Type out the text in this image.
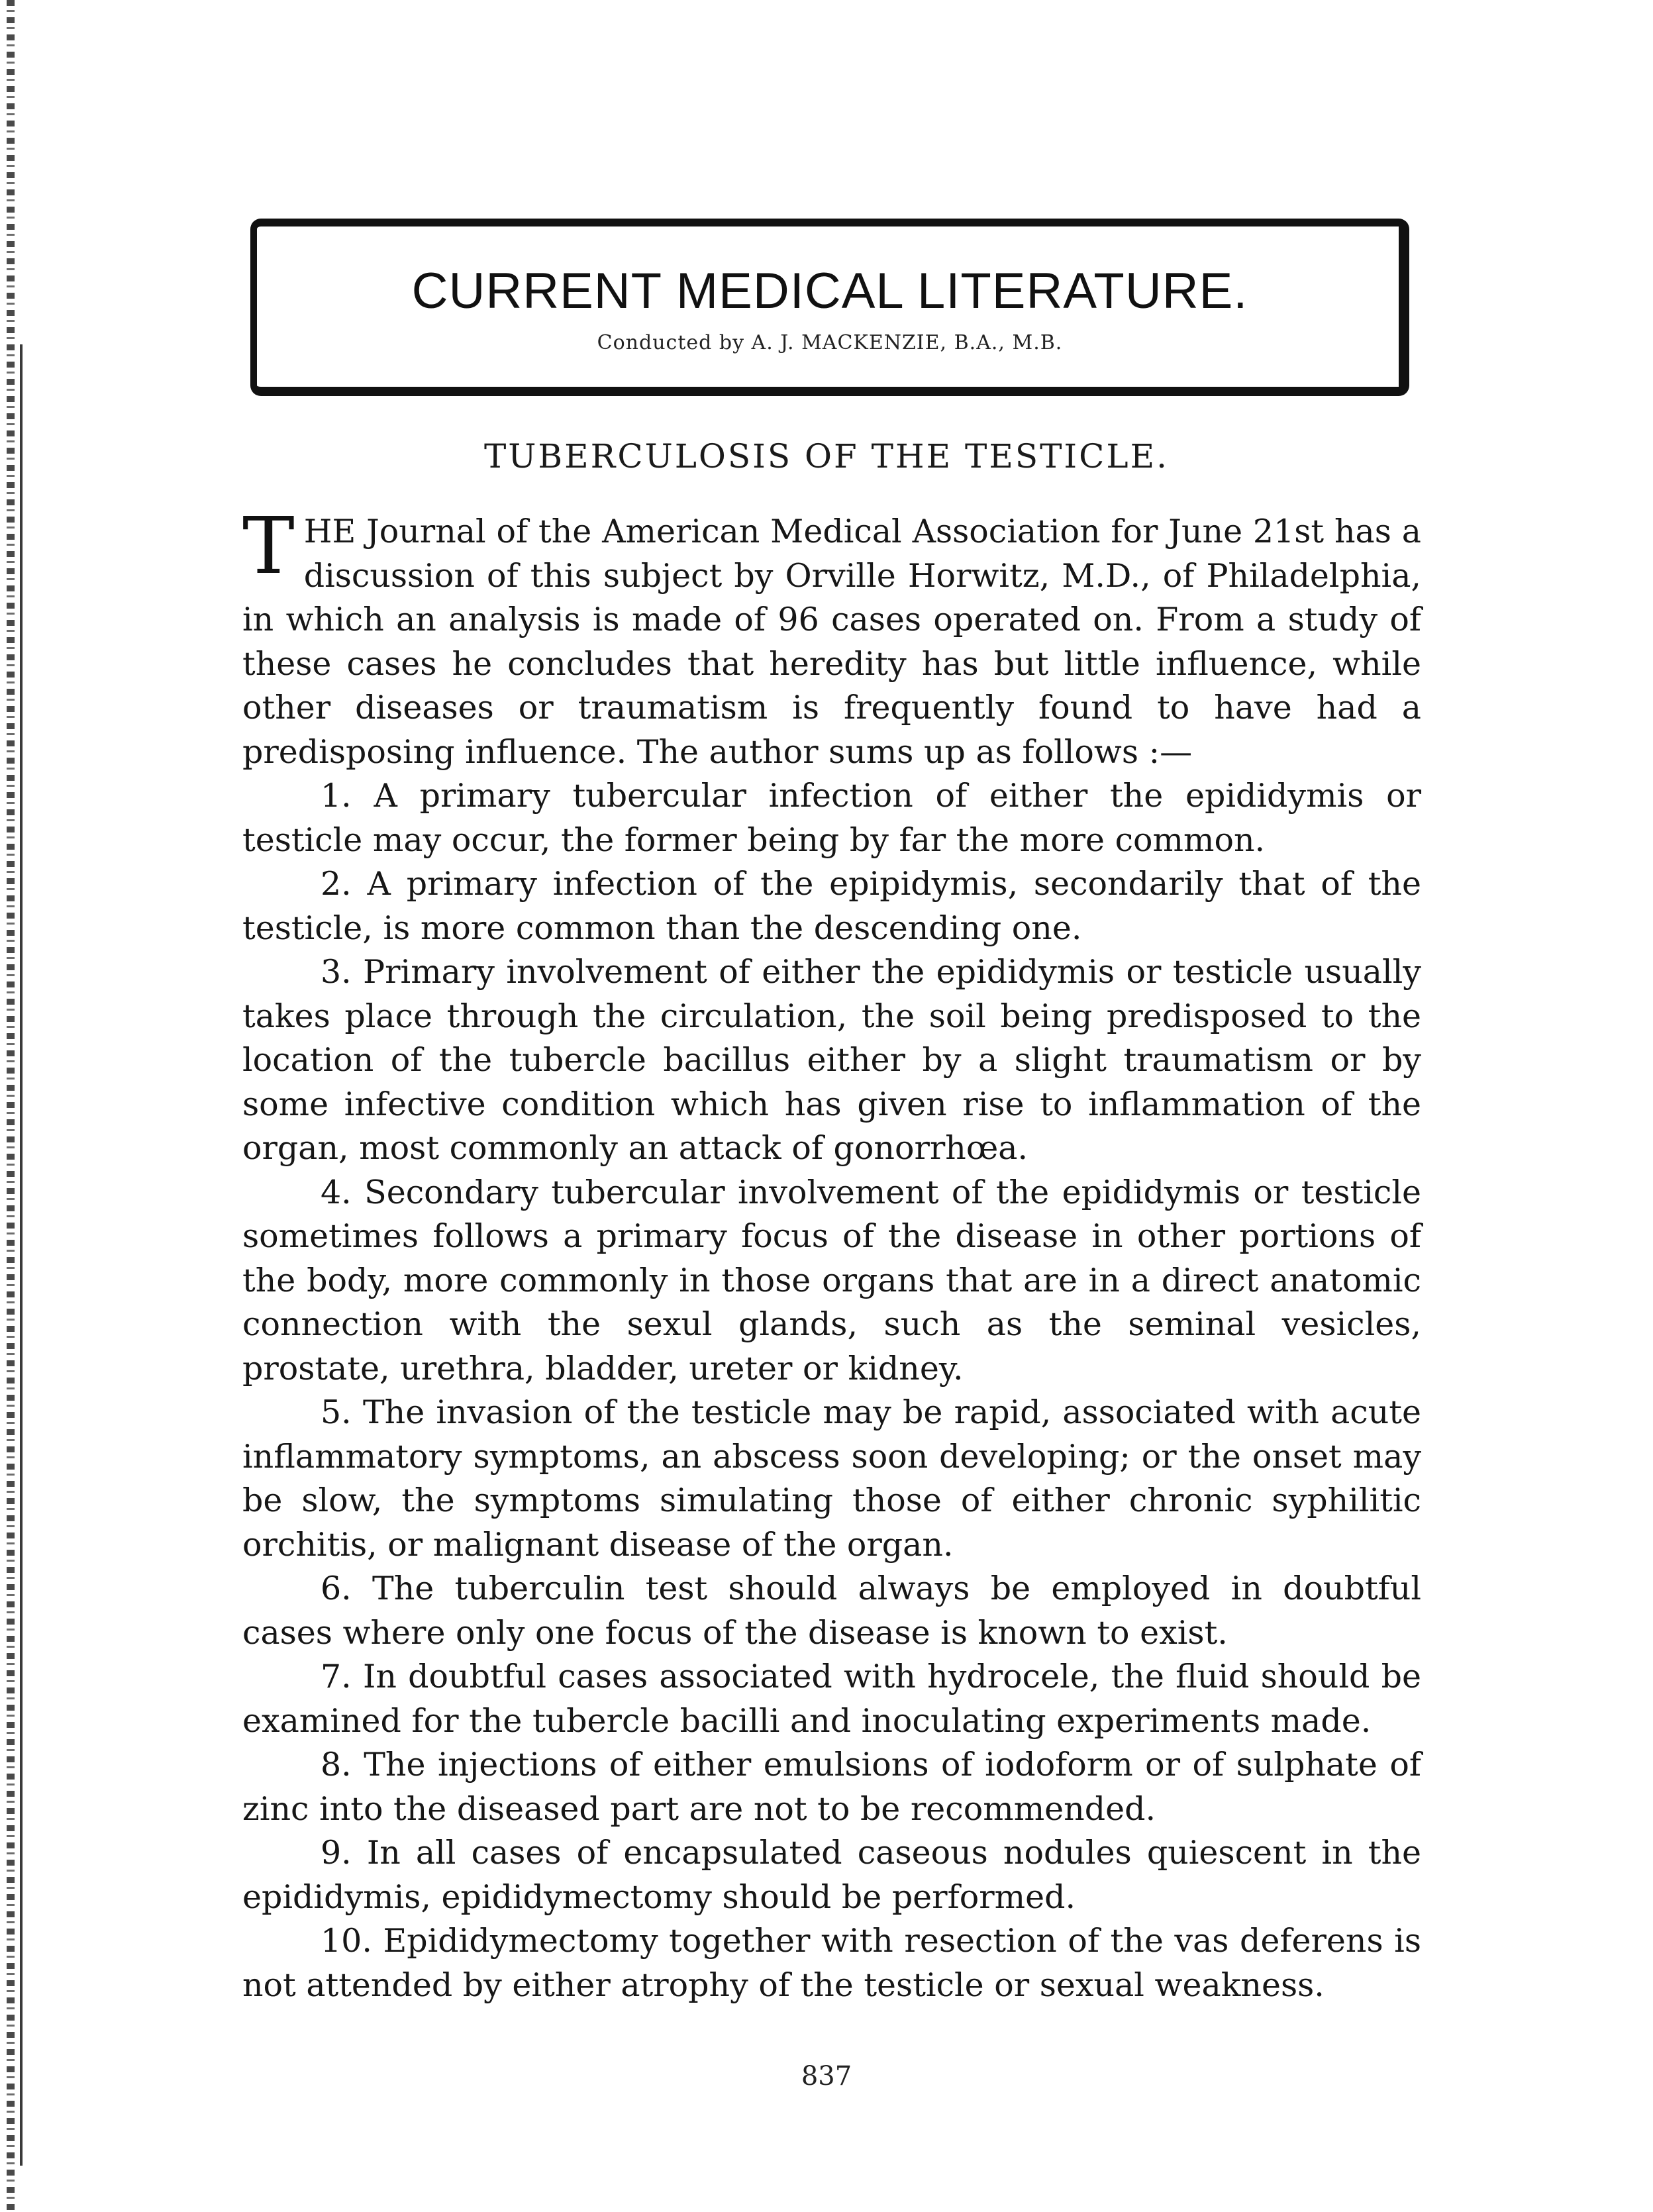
CURRENT MEDICAL LITERATURE.
Conducted by A. J. MACKENZIE, B.A., M.B.
TUBERCULOSIS OF THE TESTICLE.

THE Journal of the American Medical Association for June 21st has a discussion of this subject by Orville Horwitz, M.D., of Philadelphia, in which an analysis is made of 96 cases operated on. From a study of these cases he concludes that heredity has but little influence, while other diseases or traumatism is frequently found to have had a predisposing influence. The author sums up as follows :—

1. A primary tubercular infection of either the epididymis or testicle may occur, the former being by far the more common.

2. A primary infection of the epipidymis, secondarily that of the testicle, is more common than the descending one.

3. Primary involvement of either the epididymis or testicle usually takes place through the circulation, the soil being predisposed to the location of the tubercle bacillus either by a slight traumatism or by some infective condition which has given rise to inflammation of the organ, most commonly an attack of gonorrhœa.

4. Secondary tubercular involvement of the epididymis or testicle sometimes follows a primary focus of the disease in other portions of the body, more commonly in those organs that are in a direct anatomic connection with the sexul glands, such as the seminal vesicles, prostate, urethra, bladder, ureter or kidney.

5. The invasion of the testicle may be rapid, associated with acute inflammatory symptoms, an abscess soon developing; or the onset may be slow, the symptoms simulating those of either chronic syphilitic orchitis, or malignant disease of the organ.

6. The tuberculin test should always be employed in doubtful cases where only one focus of the disease is known to exist.

7. In doubtful cases associated with hydrocele, the fluid should be examined for the tubercle bacilli and inoculating experiments made.

8. The injections of either emulsions of iodoform or of sulphate of zinc into the diseased part are not to be recommended.

9. In all cases of encapsulated caseous nodules quiescent in the epididymis, epididymectomy should be performed.

10. Epididymectomy together with resection of the vas deferens is not attended by either atrophy of the testicle or sexual weakness.

837
